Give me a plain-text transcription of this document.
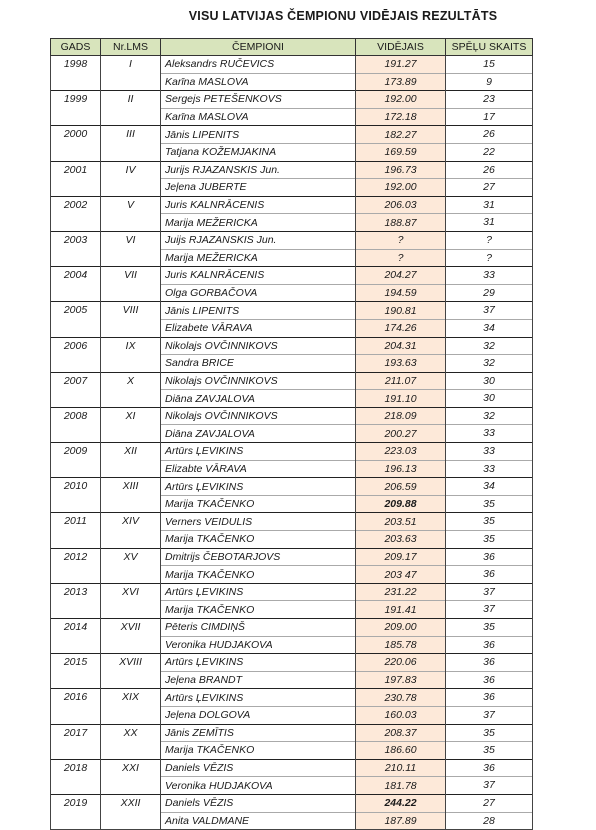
VISU LATVIJAS ČEMPIONU VIDĒJAIS REZULTĀTS
GADS	Nr.LMS	ČEMPIONI	VIDĒJAIS	SPĒĻU SKAITS
1998	I	Aleksandrs RUČEVICS	191.27	15
		Karīna MASLOVA	173.89	9
1999	II	Sergejs PETEŠENKOVS	192.00	23
		Karīna MASLOVA	172.18	17
2000	III	Jānis LIPENITS	182.27	26
		Tatjana KOŽEMJAKINA	169.59	22
2001	IV	Jurijs RJAZANSKIS Jun.	196.73	26
		Jeļena JUBERTE	192.00	27
2002	V	Juris KALNRĀCENIS	206.03	31
		Marija MEŽERICKA	188.87	31
2003	VI	Juijs RJAZANSKIS Jun.	?	?
		Marija MEŽERICKA	?	?
2004	VII	Juris KALNRĀCENIS	204.27	33
		Olga GORBAČOVA	194.59	29
2005	VIII	Jānis LIPENITS	190.81	37
		Elizabete VĀRAVA	174.26	34
2006	IX	Nikolajs OVČINNIKOVS	204.31	32
		Sandra BRICE	193.63	32
2007	X	Nikolajs OVČINNIKOVS	211.07	30
		Diāna ZAVJALOVA	191.10	30
2008	XI	Nikolajs OVČINNIKOVS	218.09	32
		Diāna ZAVJALOVA	200.27	33
2009	XII	Artūrs ĻEVIKINS	223.03	33
		Elizabte VĀRAVA	196.13	33
2010	XIII	Artūrs ĻEVIKINS	206.59	34
		Marija TKAČENKO	209.88	35
2011	XIV	Verners VEIDULIS	203.51	35
		Marija TKAČENKO	203.63	35
2012	XV	Dmitrijs ČEBOTARJOVS	209.17	36
		Marija TKAČENKO	203 47	36
2013	XVI	Artūrs ĻEVIKINS	231.22	37
		Marija TKAČENKO	191.41	37
2014	XVII	Pēteris CIMDIŅŠ	209.00	35
		Veronika HUDJAKOVA	185.78	36
2015	XVIII	Artūrs ĻEVIKINS	220.06	36
		Jeļena BRANDT	197.83	36
2016	XIX	Artūrs ĻEVIKINS	230.78	36
		Jeļena DOLGOVA	160.03	37
2017	XX	Jānis ZEMĪTIS	208.37	35
		Marija TKAČENKO	186.60	35
2018	XXI	Daniels VĒZIS	210.11	36
		Veronika HUDJAKOVA	181.78	37
2019	XXII	Daniels VĒZIS	244.22	27
		Anita VALDMANE	187.89	28
